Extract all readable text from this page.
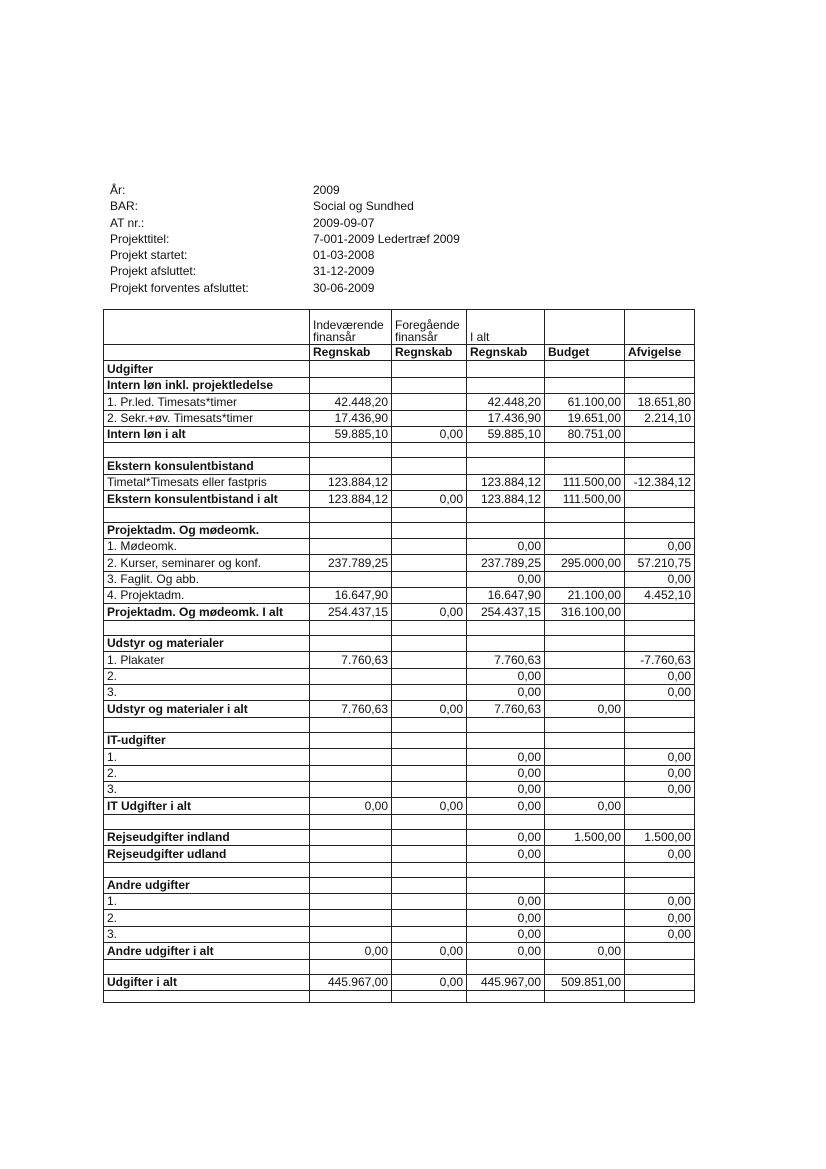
År:	2009
BAR:	Social og Sundhed
AT nr.:	2009-09-07
Projekttitel:	7-001-2009 Ledertræf 2009
Projekt startet:	01-03-2008
Projekt afsluttet:	31-12-2009
Projekt forventes afsluttet:	30-06-2009
	Indeværende finansår	Foregående finansår	I alt		
	Regnskab	Regnskab	Regnskab	Budget	Afvigelse
Udgifter					
Intern løn inkl. projektledelse					
1. Pr.led. Timesats*timer	42.448,20		42.448,20	61.100,00	18.651,80
2. Sekr.+øv. Timesats*timer	17.436,90		17.436,90	19.651,00	2.214,10
Intern løn i alt	59.885,10	0,00	59.885,10	80.751,00	

Ekstern konsulentbistand					
Timetal*Timesats eller fastpris	123.884,12		123.884,12	111.500,00	-12.384,12
Ekstern konsulentbistand i alt	123.884,12	0,00	123.884,12	111.500,00	

Projektadm. Og mødeomk.					
1. Mødeomk.			0,00		0,00
2. Kurser, seminarer og konf.	237.789,25		237.789,25	295.000,00	57.210,75
3. Faglit. Og abb.			0,00		0,00
4. Projektadm.	16.647,90		16.647,90	21.100,00	4.452,10
Projektadm. Og mødeomk. I alt	254.437,15	0,00	254.437,15	316.100,00	

Udstyr og materialer					
1. Plakater	7.760,63		7.760,63		-7.760,63
2.			0,00		0,00
3.			0,00		0,00
Udstyr og materialer i alt	7.760,63	0,00	7.760,63	0,00	

IT-udgifter					
1.			0,00		0,00
2.			0,00		0,00
3.			0,00		0,00
IT Udgifter i alt	0,00	0,00	0,00	0,00	

Rejseudgifter indland			0,00	1.500,00	1.500,00
Rejseudgifter udland			0,00		0,00

Andre udgifter					
1.			0,00		0,00
2.			0,00		0,00
3.			0,00		0,00
Andre udgifter i alt	0,00	0,00	0,00	0,00	

Udgifter i alt	445.967,00	0,00	445.967,00	509.851,00	
